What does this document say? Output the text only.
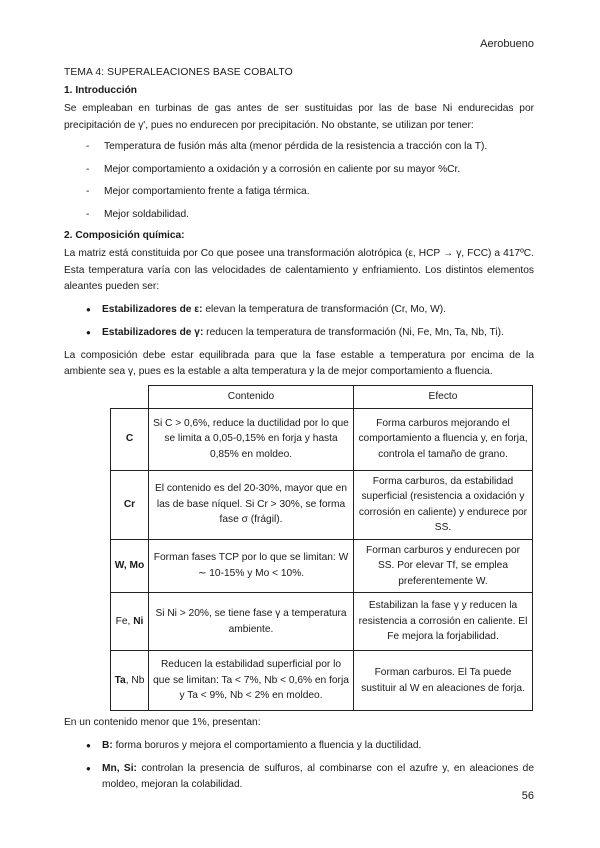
Aerobueno
TEMA 4: SUPERALEACIONES BASE COBALTO
1. Introducción

Se empleaban en turbinas de gas antes de ser sustituidas por las de base Ni endurecidas por precipitación de γ', pues no endurecen por precipitación. No obstante, se utilizan por tener:

- Temperatura de fusión más alta (menor pérdida de la resistencia a tracción con la T).
- Mejor comportamiento a oxidación y a corrosión en caliente por su mayor %Cr.
- Mejor comportamiento frente a fatiga térmica.
- Mejor soldabilidad.
2. Composición química:

La matriz está constituida por Co que posee una transformación alotrópica (ε, HCP → γ, FCC) a 417ºC. Esta temperatura varía con las velocidades de calentamiento y enfriamiento. Los distintos elementos aleantes pueden ser:

● Estabilizadores de ε: elevan la temperatura de transformación (Cr, Mo, W).
● Estabilizadores de γ: reducen la temperatura de transformación (Ni, Fe, Mn, Ta, Nb, Ti).

La composición debe estar equilibrada para que la fase estable a temperatura por encima de la ambiente sea γ, pues es la estable a alta temperatura y la de mejor comportamiento a fluencia.

	Contenido	Efecto
C	Si C > 0,6%, reduce la ductilidad por lo que se limita a 0,05-0,15% en forja y hasta 0,85% en moldeo.	Forma carburos mejorando el comportamiento a fluencia y, en forja, controla el tamaño de grano.
Cr	El contenido es del 20-30%, mayor que en las de base níquel. Si Cr > 30%, se forma fase σ (frágil).	Forma carburos, da estabilidad superficial (resistencia a oxidación y corrosión en caliente) y endurece por SS.
W, Mo	Forman fases TCP por lo que se limitan: W ∼ 10-15% y Mo < 10%.	Forman carburos y endurecen por SS. Por elevar Tf, se emplea preferentemente W.
Fe, Ni	Si Ni > 20%, se tiene fase γ a temperatura ambiente.	Estabilizan la fase γ y reducen la resistencia a corrosión en caliente. El Fe mejora la forjabilidad.
Ta, Nb	Reducen la estabilidad superficial por lo que se limitan: Ta < 7%, Nb < 0,6% en forja y Ta < 9%, Nb < 2% en moldeo.	Forman carburos. El Ta puede sustituir al W en aleaciones de forja.

En un contenido menor que 1%, presentan:

● B: forma boruros y mejora el comportamiento a fluencia y la ductilidad.
● Mn, Si: controlan la presencia de sulfuros, al combinarse con el azufre y, en aleaciones de moldeo, mejoran la colabilidad.
56
